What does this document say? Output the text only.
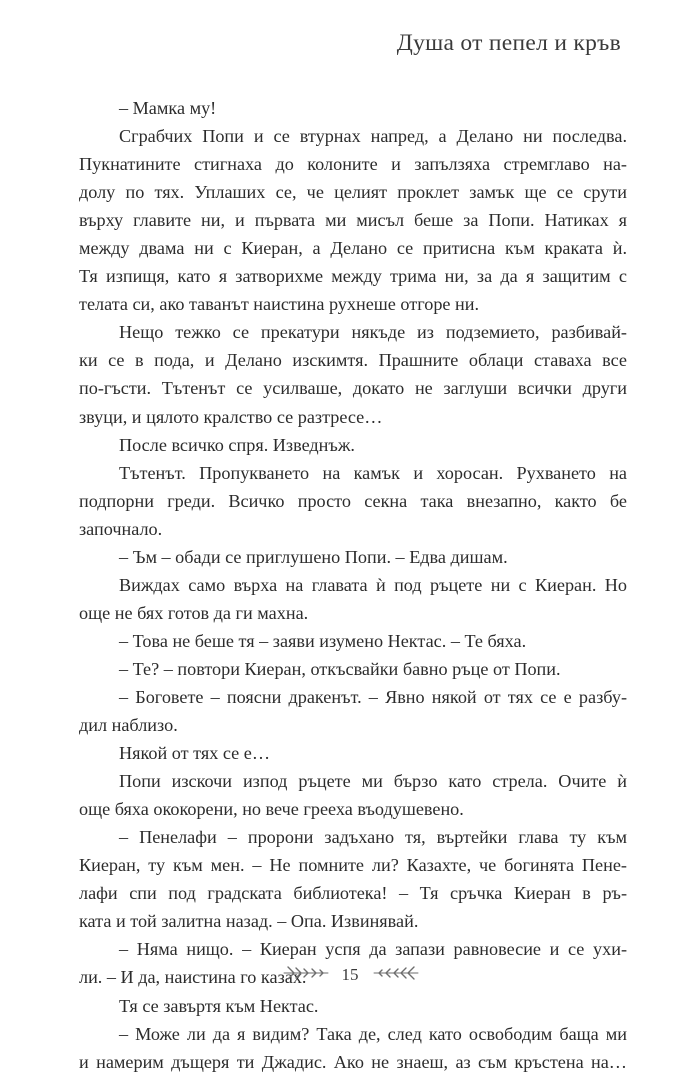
Душа от пепел и кръв
– Мамка му!
Сграбчих Попи и се втурнах напред, а Делано ни последва.
Пукнатините стигнаха до колоните и запълзяха стремглаво на-
долу по тях. Уплаших се, че целият проклет замък ще се срути
върху главите ни, и първата ми мисъл беше за Попи. Натиках я
между двама ни с Киеран, а Делано се притисна към краката ѝ.
Тя изпищя, като я затворихме между трима ни, за да я защитим с
телата си, ако таванът наистина рухнеше отгоре ни.
Нещо тежко се прекатури някъде из подземието, разбивай-
ки се в пода, и Делано изскимтя. Прашните облаци ставаха все
по-гъсти. Тътенът се усилваше, докато не заглуши всички други
звуци, и цялото кралство се разтресе…
После всичко спря. Изведнъж.
Тътенът. Пропукването на камък и хоросан. Рухването на
подпорни греди. Всичко просто секна така внезапно, както бе
започнало.
– Ъм – обади се приглушено Попи. – Едва дишам.
Виждах само върха на главата ѝ под ръцете ни с Киеран. Но
още не бях готов да ги махна.
– Това не беше тя – заяви изумено Нектас. – Те бяха.
– Те? – повтори Киеран, откъсвайки бавно ръце от Попи.
– Боговете – поясни дракенът. – Явно някой от тях се е разбу-
дил наблизо.
Някой от тях се е…
Попи изскочи изпод ръцете ми бързо като стрела. Очите ѝ
още бяха ококорени, но вече грееха въодушевено.
– Пенелафи – пророни задъхано тя, въртейки глава ту към
Киеран, ту към мен. – Не помните ли? Казахте, че богинята Пене-
лафи спи под градската библиотека! – Тя сръчка Киеран в ръ-
ката и той залитна назад. – Опа. Извинявай.
– Няма нищо. – Киеран успя да запази равновесие и се ухи-
ли. – И да, наистина го казах.
Тя се завъртя към Нектас.
– Може ли да я видим? Така де, след като освободим баща ми
и намерим дъщеря ти Джадис. Ако не знаеш, аз съм кръстена на…
15
